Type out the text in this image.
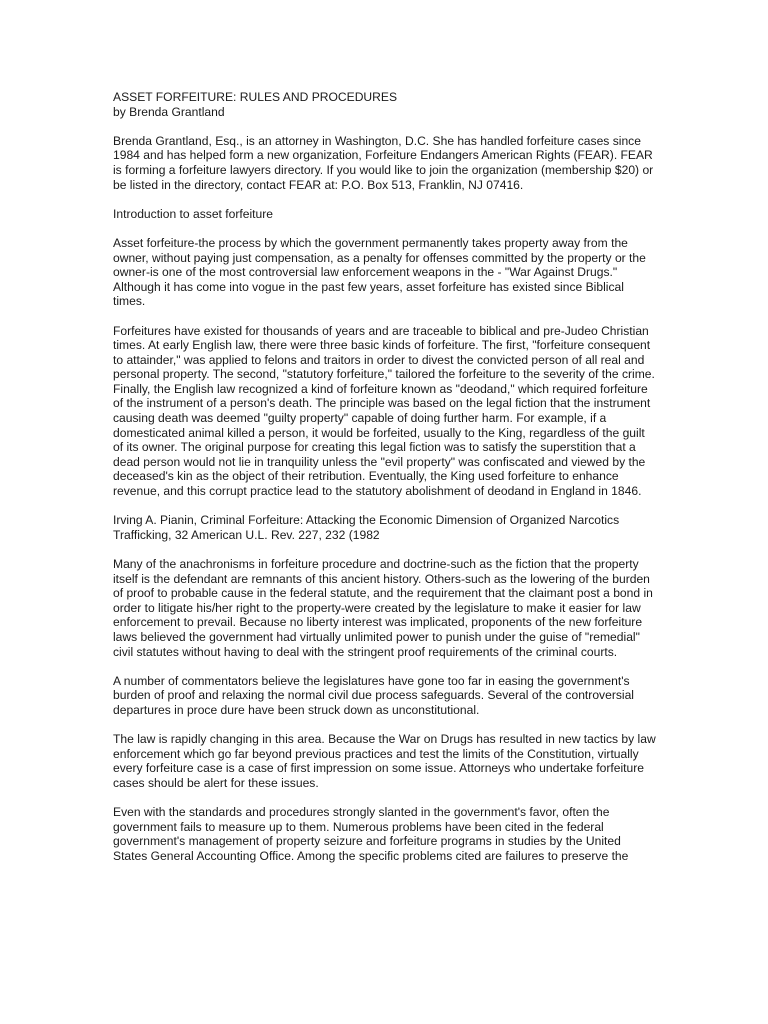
ASSET FORFEITURE: RULES AND PROCEDURES
by Brenda Grantland

Brenda Grantland, Esq., is an attorney in Washington, D.C. She has handled forfeiture cases since 1984 and has helped form a new organization, Forfeiture Endangers American Rights (FEAR). FEAR is forming a forfeiture lawyers directory. If you would like to join the organization (membership $20) or be listed in the directory, contact FEAR at: P.O. Box 513, Franklin, NJ 07416.

Introduction to asset forfeiture

Asset forfeiture-the process by which the government permanently takes property away from the owner, without paying just compensation, as a penalty for offenses committed by the property or the owner-is one of the most controversial law enforcement weapons in the - "War Against Drugs." Although it has come into vogue in the past few years, asset forfeiture has existed since Biblical times.

Forfeitures have existed for thousands of years and are traceable to biblical and pre-Judeo Christian times. At early English law, there were three basic kinds of forfeiture. The first, "forfeiture consequent to attainder," was applied to felons and traitors in order to divest the convicted person of all real and personal property. The second, "statutory forfeiture," tailored the forfeiture to the severity of the crime. Finally, the English law recognized a kind of forfeiture known as "deodand," which required forfeiture of the instrument of a person's death. The principle was based on the legal fiction that the instrument causing death was deemed "guilty property" capable of doing further harm. For example, if a domesticated animal killed a person, it would be forfeited, usually to the King, regardless of the guilt of its owner. The original purpose for creating this legal fiction was to satisfy the superstition that a dead person would not lie in tranquility unless the "evil property" was confiscated and viewed by the deceased's kin as the object of their retribution. Eventually, the King used forfeiture to enhance revenue, and this corrupt practice lead to the statutory abolishment of deodand in England in 1846.

Irving A. Pianin, Criminal Forfeiture: Attacking the Economic Dimension of Organized Narcotics Trafficking, 32 American U.L. Rev. 227, 232 (1982

Many of the anachronisms in forfeiture procedure and doctrine-such as the fiction that the property itself is the defendant are remnants of this ancient history. Others-such as the lowering of the burden of proof to probable cause in the federal statute, and the requirement that the claimant post a bond in order to litigate his/her right to the property-were created by the legislature to make it easier for law enforcement to prevail. Because no liberty interest was implicated, proponents of the new forfeiture laws believed the government had virtually unlimited power to punish under the guise of "remedial" civil statutes without having to deal with the stringent proof requirements of the criminal courts.

A number of commentators believe the legislatures have gone too far in easing the government's burden of proof and relaxing the normal civil due process safeguards. Several of the controversial departures in proce dure have been struck down as unconstitutional.

The law is rapidly changing in this area. Because the War on Drugs has resulted in new tactics by law enforcement which go far beyond previous practices and test the limits of the Constitution, virtually every forfeiture case is a case of first impression on some issue. Attorneys who undertake forfeiture cases should be alert for these issues.

Even with the standards and procedures strongly slanted in the government's favor, often the government fails to measure up to them. Numerous problems have been cited in the federal government's management of property seizure and forfeiture programs in studies by the United States General Accounting Office. Among the specific problems cited are failures to preserve the
